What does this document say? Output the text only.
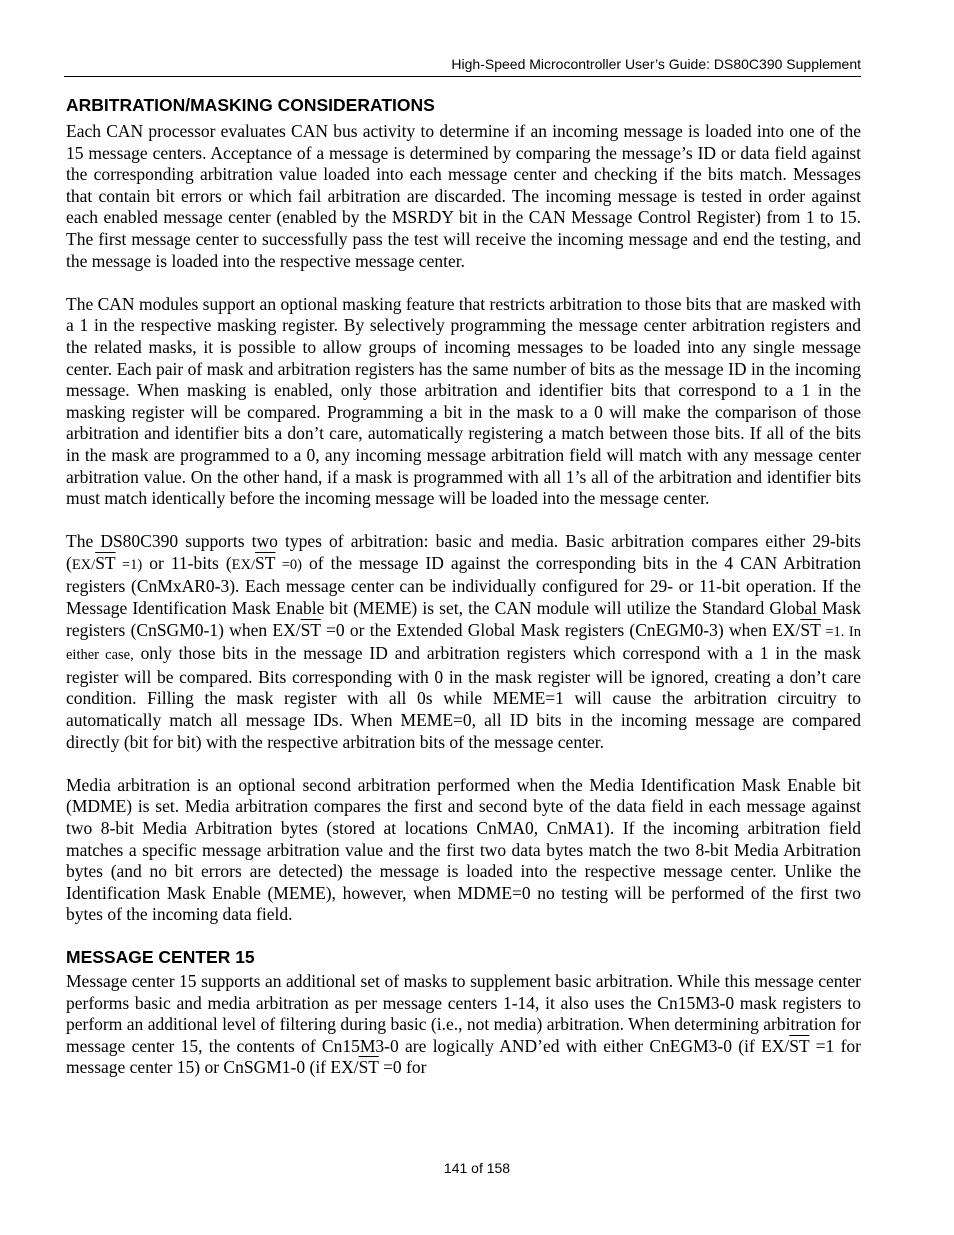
High-Speed Microcontroller User’s Guide: DS80C390 Supplement
ARBITRATION/MASKING CONSIDERATIONS

Each CAN processor evaluates CAN bus activity to determine if an incoming message is loaded into one of the 15 message centers. Acceptance of a message is determined by comparing the message’s ID or data field against the corresponding arbitration value loaded into each message center and checking if the bits match. Messages that contain bit errors or which fail arbitration are discarded. The incoming message is tested in order against each enabled message center (enabled by the MSRDY bit in the CAN Message Control Register) from 1 to 15. The first message center to successfully pass the test will receive the incoming message and end the testing, and the message is loaded into the respective message center.

The CAN modules support an optional masking feature that restricts arbitration to those bits that are masked with a 1 in the respective masking register. By selectively programming the message center arbitration registers and the related masks, it is possible to allow groups of incoming messages to be loaded into any single message center. Each pair of mask and arbitration registers has the same number of bits as the message ID in the incoming message. When masking is enabled, only those arbitration and identifier bits that correspond to a 1 in the masking register will be compared. Programming a bit in the mask to a 0 will make the comparison of those arbitration and identifier bits a don’t care, automatically registering a match between those bits. If all of the bits in the mask are programmed to a 0, any incoming message arbitration field will match with any message center arbitration value. On the other hand, if a mask is programmed with all 1’s all of the arbitration and identifier bits must match identically before the incoming message will be loaded into the message center.

The DS80C390 supports two types of arbitration: basic and media. Basic arbitration compares either 29-bits $(EX/\overline{ST} =1)$ or 11-bits $(EX/\overline{ST} =0)$ of the message ID against the corresponding bits in the 4 CAN Arbitration registers (CnMxAR0-3). Each message center can be individually configured for 29- or 11-bit operation. If the Message Identification Mask Enable bit (MEME) is set, the CAN module will utilize the Standard Global Mask registers (CnSGM0-1) when $EX/\overline{ST} =0$ or the Extended Global Mask registers (CnEGM0-3) when $EX/\overline{ST} =1$. In either case, only those bits in the message ID and arbitration registers which correspond with a 1 in the mask register will be compared. Bits corresponding with 0 in the mask register will be ignored, creating a don’t care condition. Filling the mask register with all 0s while MEME=1 will cause the arbitration circuitry to automatically match all message IDs. When MEME=0, all ID bits in the incoming message are compared directly (bit for bit) with the respective arbitration bits of the message center.

Media arbitration is an optional second arbitration performed when the Media Identification Mask Enable bit (MDME) is set. Media arbitration compares the first and second byte of the data field in each message against two 8-bit Media Arbitration bytes (stored at locations CnMA0, CnMA1). If the incoming arbitration field matches a specific message arbitration value and the first two data bytes match the two 8-bit Media Arbitration bytes (and no bit errors are detected) the message is loaded into the respective message center. Unlike the Identification Mask Enable (MEME), however, when MDME=0 no testing will be performed of the first two bytes of the incoming data field.

MESSAGE CENTER 15

Message center 15 supports an additional set of masks to supplement basic arbitration. While this message center performs basic and media arbitration as per message centers 1-14, it also uses the Cn15M3-0 mask registers to perform an additional level of filtering during basic (i.e., not media) arbitration. When determining arbitration for message center 15, the contents of Cn15M3-0 are logically AND’ed with either CnEGM3-0 (if $EX/\overline{ST} =1$ for message center 15) or CnSGM1-0 (if $EX/\overline{ST} =0$ for

141 of 158
